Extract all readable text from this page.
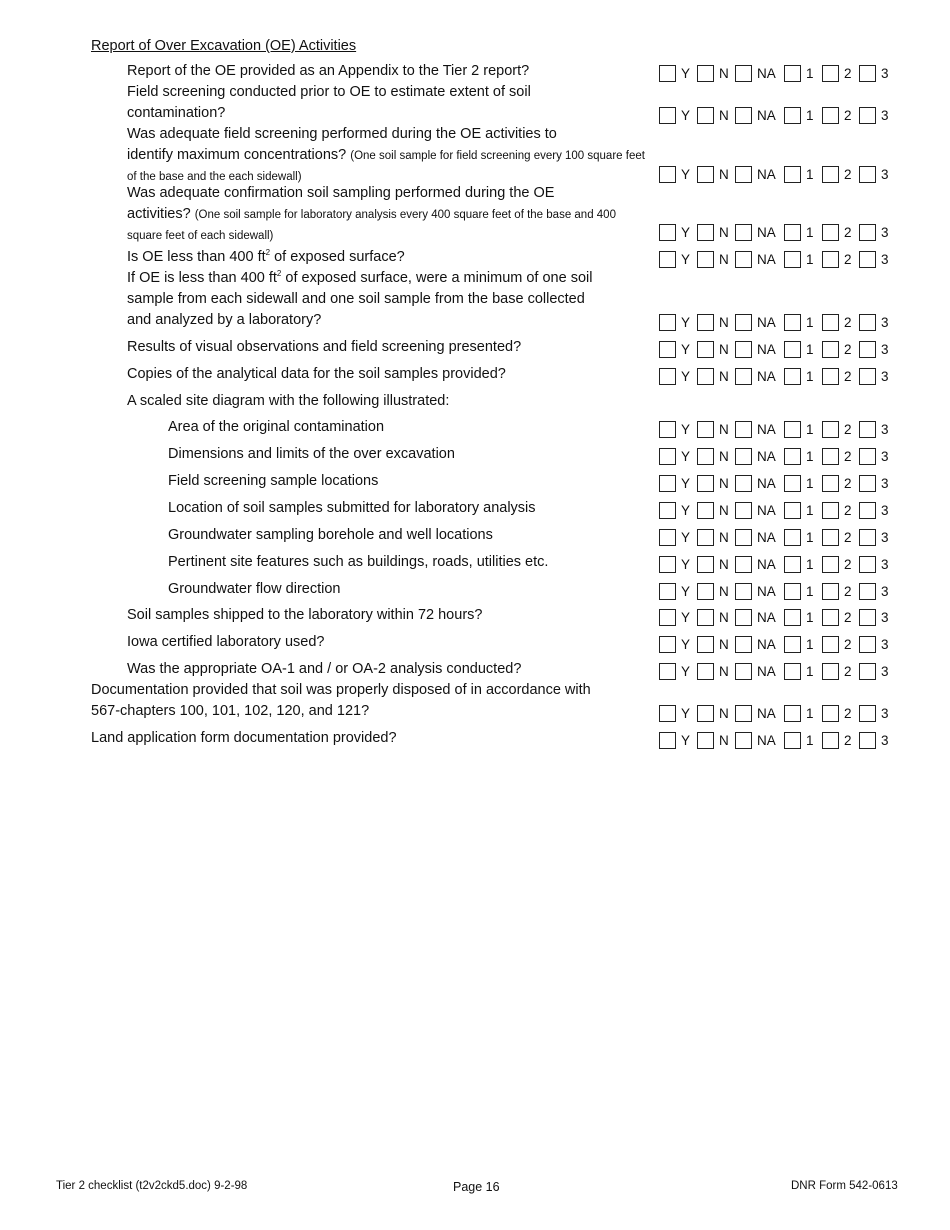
Report of Over Excavation (OE) Activities
Report of the OE provided as an Appendix to the Tier 2 report?	Y N NA 1 2 3
Field screening conducted prior to OE to estimate extent of soil
contamination?	Y N NA 1 2 3
Was adequate field screening performed during the OE activities to
identify maximum concentrations? (One soil sample for field screening every 100 square feet of the base and the each sidewall)	Y N NA 1 2 3
Was adequate confirmation soil sampling performed during the OE
activities? (One soil sample for laboratory analysis every 400 square feet of the base and 400 square feet of each sidewall)	Y N NA 1 2 3
Is OE less than 400 $ft^2$ of exposed surface?	Y N NA 1 2 3
If OE is less than 400 $ft^2$ of exposed surface, were a minimum of one soil
sample from each sidewall and one soil sample from the base collected
and analyzed by a laboratory?	Y N NA 1 2 3
Results of visual observations and field screening presented?	Y N NA 1 2 3
Copies of the analytical data for the soil samples provided?	Y N NA 1 2 3
A scaled site diagram with the following illustrated:
Area of the original contamination	Y N NA 1 2 3
Dimensions and limits of the over excavation	Y N NA 1 2 3
Field screening sample locations	Y N NA 1 2 3
Location of soil samples submitted for laboratory analysis	Y N NA 1 2 3
Groundwater sampling borehole and well locations	Y N NA 1 2 3
Pertinent site features such as buildings, roads, utilities etc.	Y N NA 1 2 3
Groundwater flow direction	Y N NA 1 2 3
Soil samples shipped to the laboratory within 72 hours?	Y N NA 1 2 3
Iowa certified laboratory used?	Y N NA 1 2 3
Was the appropriate OA-1 and / or OA-2 analysis conducted?	Y N NA 1 2 3
Documentation provided that soil was properly disposed of in accordance with
567-chapters 100, 101, 102, 120, and 121?	Y N NA 1 2 3
Land application form documentation provided?	Y N NA 1 2 3
Tier 2 checklist (t2v2ckd5.doc) 9-2-98	Page 16	DNR Form 542-0613
